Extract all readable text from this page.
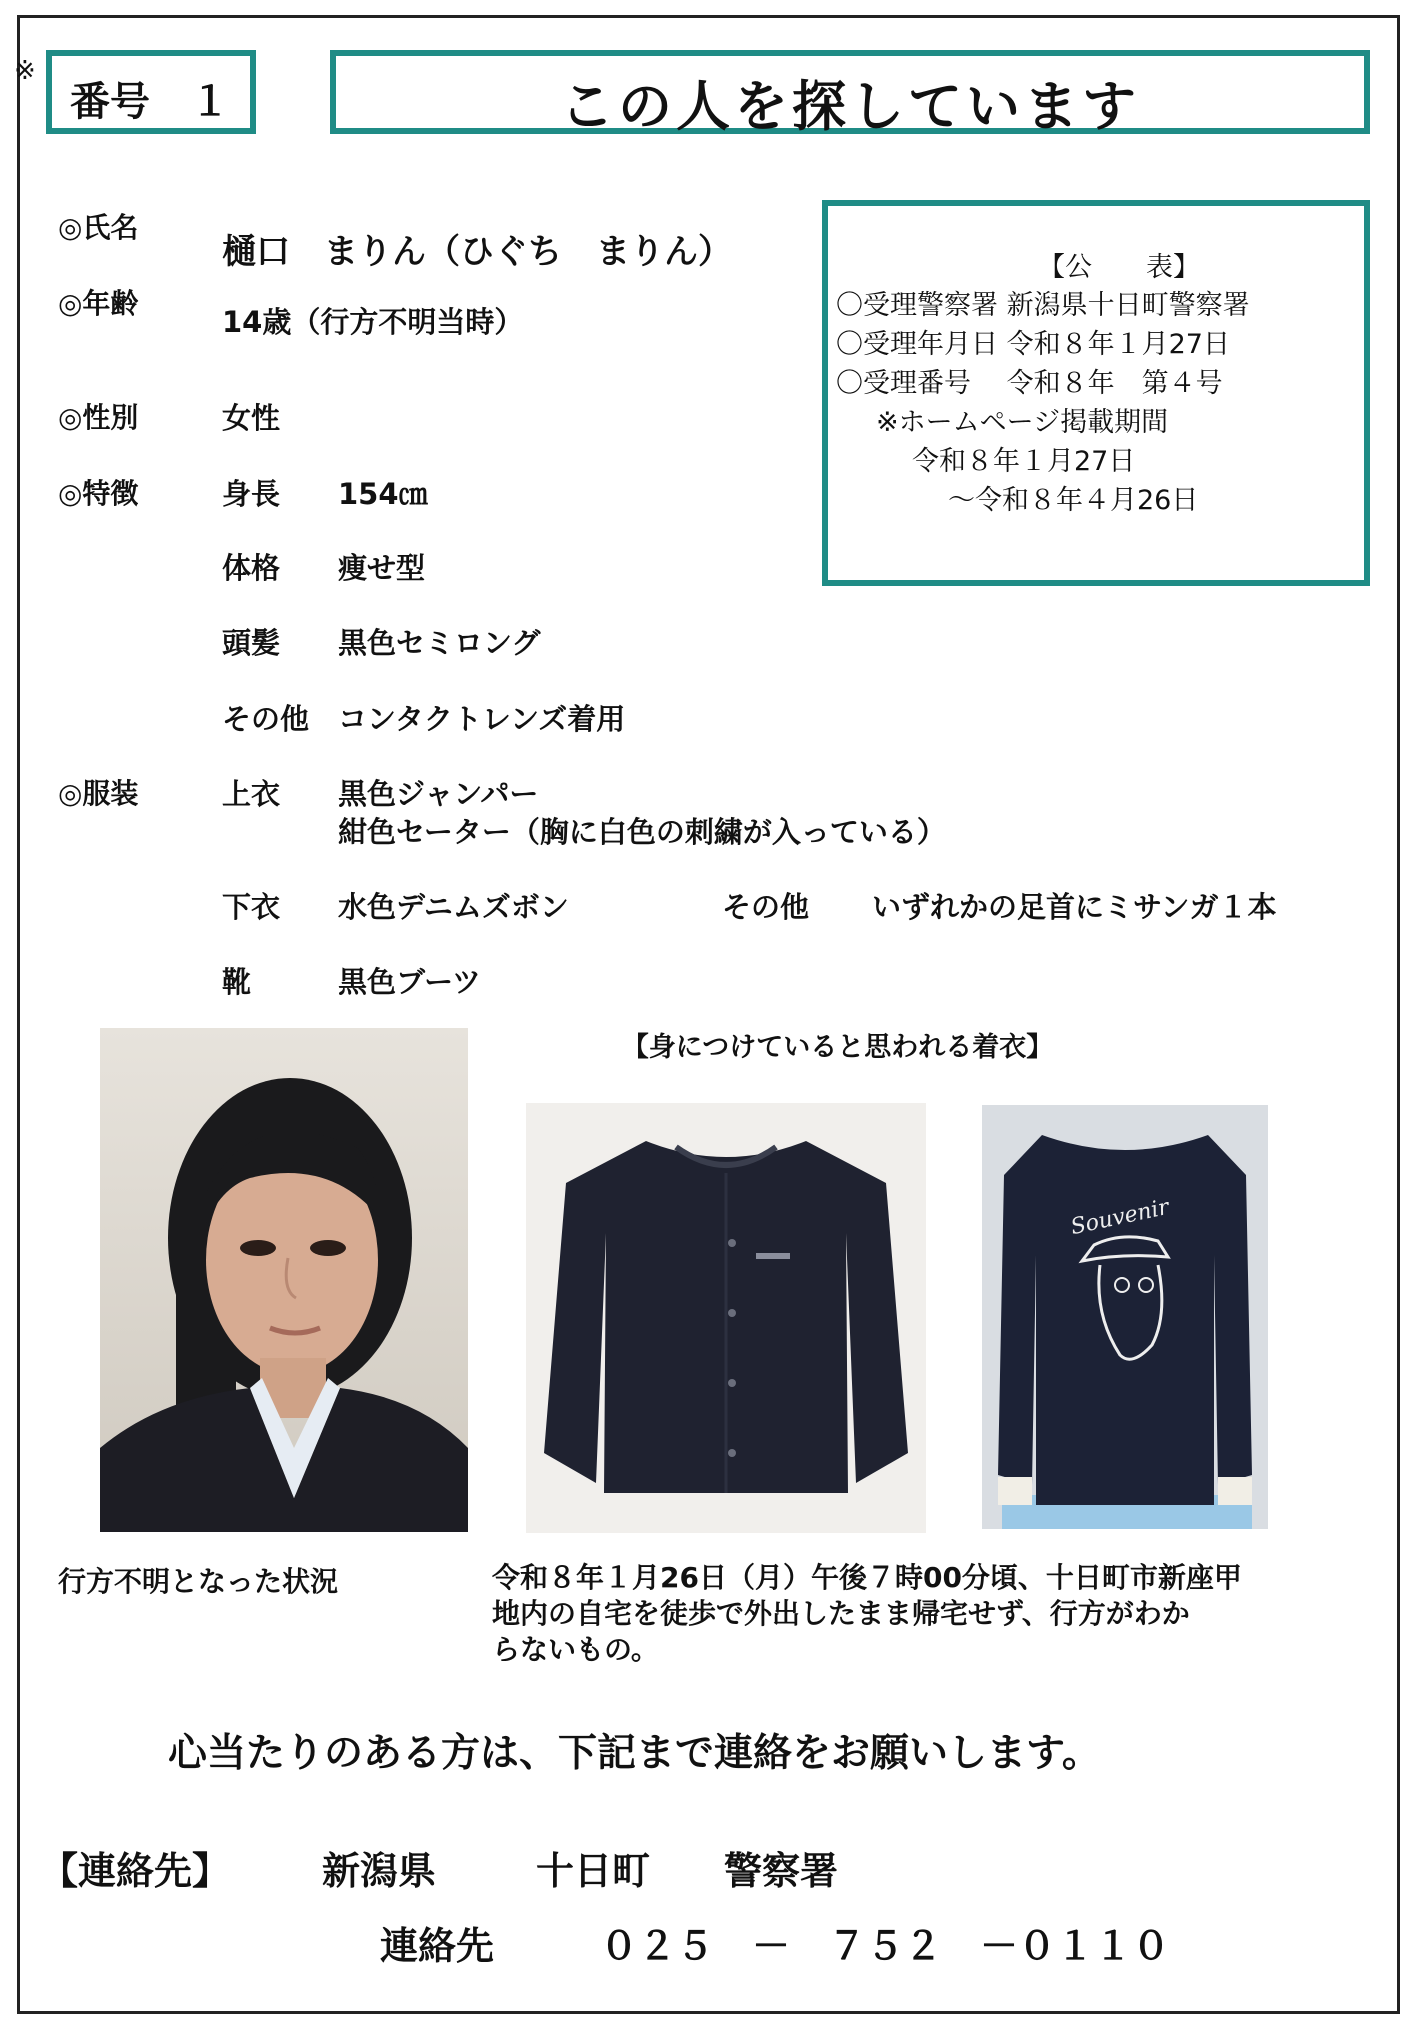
※
番号　１	この人を探しています
◎氏名
樋口　まりん（ひぐち　まりん）
◎年齢
14歳（行方不明当時）
◎性別	女性
◎特徴	身長 154㎝
体格 痩せ型
頭髪 黒色セミロング
その他 コンタクトレンズ着用
◎服装	上衣 黒色ジャンパー
紺色セーター（胸に白色の刺繍が入っている）
下衣 水色デニムズボン	その他 いずれかの足首にミサンガ１本
靴	黒色ブーツ
【公　　表】
〇受理警察署 新潟県十日町警察署
〇受理年月日 令和８年１月27日
〇受理番号　 令和８年　第４号
※ホームページ掲載期間
令和８年１月27日
～令和８年４月26日
【身につけていると思われる着衣】
Souvenir
行方不明となった状況	令和８年１月26日（月）午後７時00分頃、十日町市新座甲
地内の自宅を徒歩で外出したまま帰宅せず、行方がわか
らないもの。
心当たりのある方は、下記まで連絡をお願いします。
【連絡先】 新潟県	十日町 警察署
連絡先	０２５　－　７５２　－０１１０
